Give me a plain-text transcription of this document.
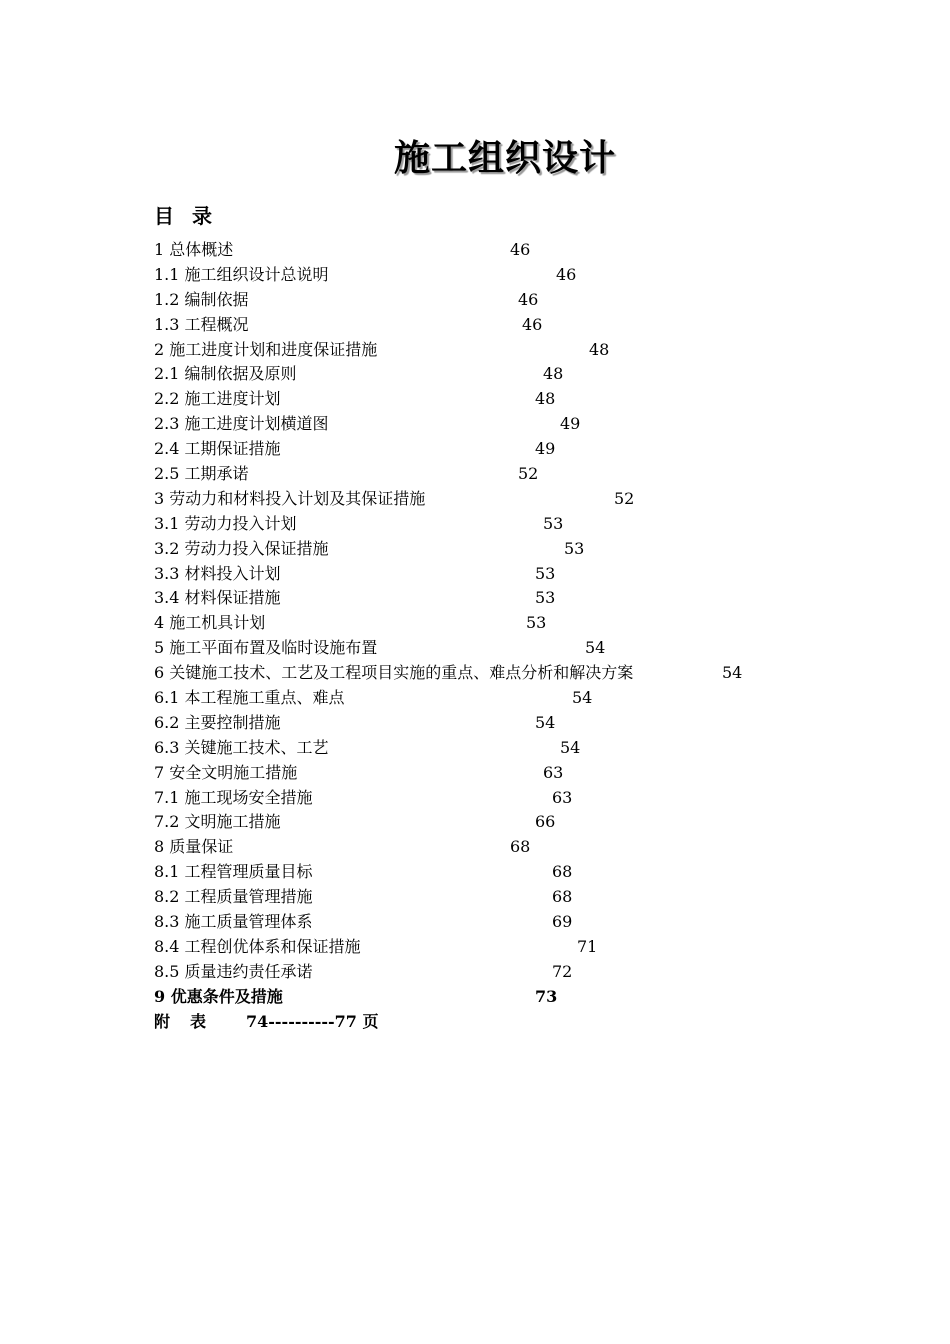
施工组织设计
目录
1 总体概述	46
1.1 施工组织设计总说明	46
1.2 编制依据	46
1.3 工程概况	46
2 施工进度计划和进度保证措施	48
2.1 编制依据及原则	48
2.2 施工进度计划	48
2.3 施工进度计划横道图	49
2.4 工期保证措施	49
2.5 工期承诺	52
3 劳动力和材料投入计划及其保证措施	52
3.1 劳动力投入计划	53
3.2 劳动力投入保证措施	53
3.3 材料投入计划	53
3.4 材料保证措施	53
4 施工机具计划	53
5 施工平面布置及临时设施布置	54
6 关键施工技术、工艺及工程项目实施的重点、难点分析和解决方案	54
6.1 本工程施工重点、难点	54
6.2 主要控制措施	54
6.3 关键施工技术、工艺	54
7 安全文明施工措施	63
7.1 施工现场安全措施	63
7.2 文明施工措施	66
8 质量保证	68
8.1 工程管理质量目标	68
8.2 工程质量管理措施	68
8.3 施工质量管理体系	69
8.4 工程创优体系和保证措施	71
8.5 质量违约责任承诺	72
9 优惠条件及措施	73
附表 74----------77 页
